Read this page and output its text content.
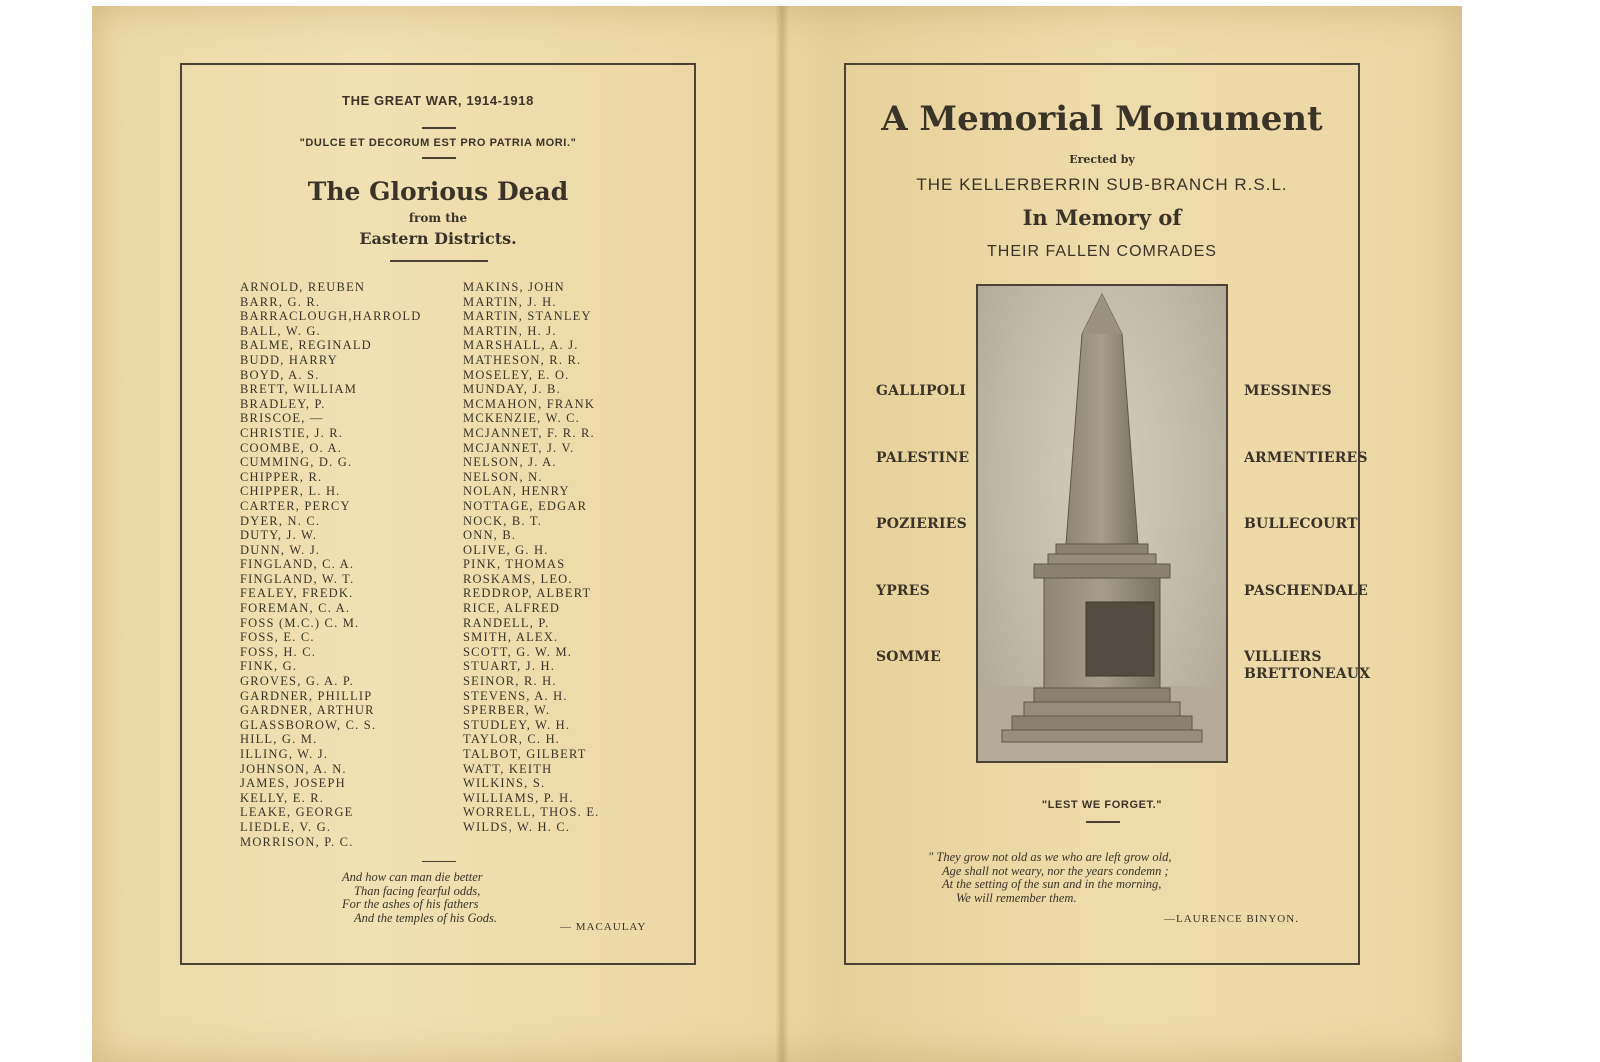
THE GREAT WAR, 1914-1918
"DULCE ET DECORUM EST PRO PATRIA MORI."
The Glorious Dead
from the
Eastern Districts.
ARNOLD, REUBEN
BARR, G. R.
BARRACLOUGH,HARROLD
BALL, W. G.
BALME, REGINALD
BUDD, HARRY
BOYD, A. S.
BRETT, WILLIAM
BRADLEY, P.
BRISCOE, —
CHRISTIE, J. R.
COOMBE, O. A.
CUMMING, D. G.
CHIPPER, R.
CHIPPER, L. H.
CARTER, PERCY
DYER, N. C.
DUTY, J. W.
DUNN, W. J.
FINGLAND, C. A.
FINGLAND, W. T.
FEALEY, FREDK.
FOREMAN, C. A.
FOSS (M.C.) C. M.
FOSS, E. C.
FOSS, H. C.
FINK, G.
GROVES, G. A. P.
GARDNER, PHILLIP
GARDNER, ARTHUR
GLASSBOROW, C. S.
HILL, G. M.
ILLING, W. J.
JOHNSON, A. N.
JAMES, JOSEPH
KELLY, E. R.
LEAKE, GEORGE
LIEDLE, V. G.
MORRISON, P. C.
MAKINS, JOHN
MARTIN, J. H.
MARTIN, STANLEY
MARTIN, H. J.
MARSHALL, A. J.
MATHESON, R. R.
MOSELEY, E. O.
MUNDAY, J. B.
MCMAHON, FRANK
MCKENZIE, W. C.
MCJANNET, F. R. R.
MCJANNET, J. V.
NELSON, J. A.
NELSON, N.
NOLAN, HENRY
NOTTAGE, EDGAR
NOCK, B. T.
ONN, B.
OLIVE, G. H.
PINK, THOMAS
ROSKAMS, LEO.
REDDROP, ALBERT
RICE, ALFRED
RANDELL, P.
SMITH, ALEX.
SCOTT, G. W. M.
STUART, J. H.
SEINOR, R. H.
STEVENS, A. H.
SPERBER, W.
STUDLEY, W. H.
TAYLOR, C. H.
TALBOT, GILBERT
WATT, KEITH
WILKINS, S.
WILLIAMS, P. H.
WORRELL, THOS. E.
WILDS, W. H. C.
And how can man die better
Than facing fearful odds,
For the ashes of his fathers
And the temples of his Gods.
— MACAULAY
A Memorial Monument
Erected by
THE KELLERBERRIN SUB-BRANCH R.S.L.
In Memory of
THEIR FALLEN COMRADES
GALLIPOLI
PALESTINE
POZIERIES
YPRES
SOMME
MESSINES
ARMENTIERES
BULLECOURT
PASCHENDALE
VILLIERS
BRETTONEAUX
"LEST WE FORGET."
" They grow not old as we who are left grow old,
Age shall not weary, nor the years condemn ;
At the setting of the sun and in the morning,
We will remember them.
—LAURENCE BINYON.
